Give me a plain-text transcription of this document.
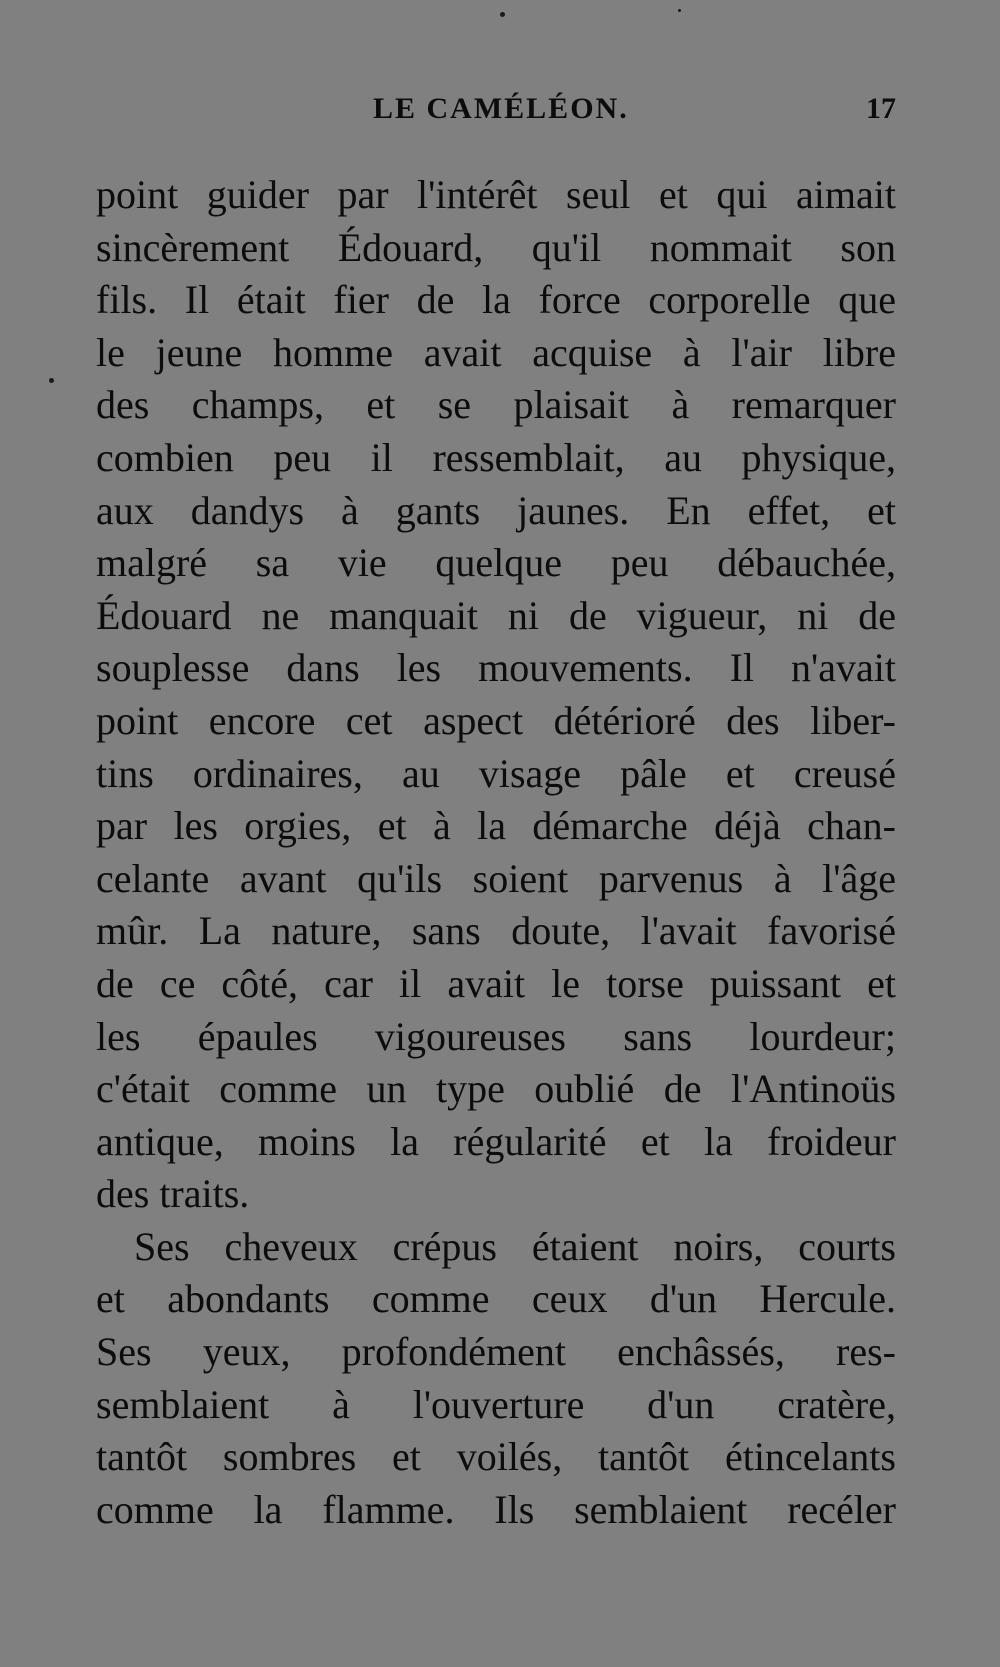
LE CAMÉLÉON.	17
point guider par l'intérêt seul et qui aimait
sincèrement Édouard, qu'il nommait son
fils. Il était fier de la force corporelle que
le jeune homme avait acquise à l'air libre
des champs, et se plaisait à remarquer
combien peu il ressemblait, au physique,
aux dandys à gants jaunes. En effet, et
malgré sa vie quelque peu débauchée,
Édouard ne manquait ni de vigueur, ni de
souplesse dans les mouvements. Il n'avait
point encore cet aspect détérioré des liber-
tins ordinaires, au visage pâle et creusé
par les orgies, et à la démarche déjà chan-
celante avant qu'ils soient parvenus à l'âge
mûr. La nature, sans doute, l'avait favorisé
de ce côté, car il avait le torse puissant et
les épaules vigoureuses sans lourdeur;
c'était comme un type oublié de l'Antinoüs
antique, moins la régularité et la froideur
des traits.
Ses cheveux crépus étaient noirs, courts
et abondants comme ceux d'un Hercule.
Ses yeux, profondément enchâssés, res-
semblaient à l'ouverture d'un cratère,
tantôt sombres et voilés, tantôt étincelants
comme la flamme. Ils semblaient recéler
